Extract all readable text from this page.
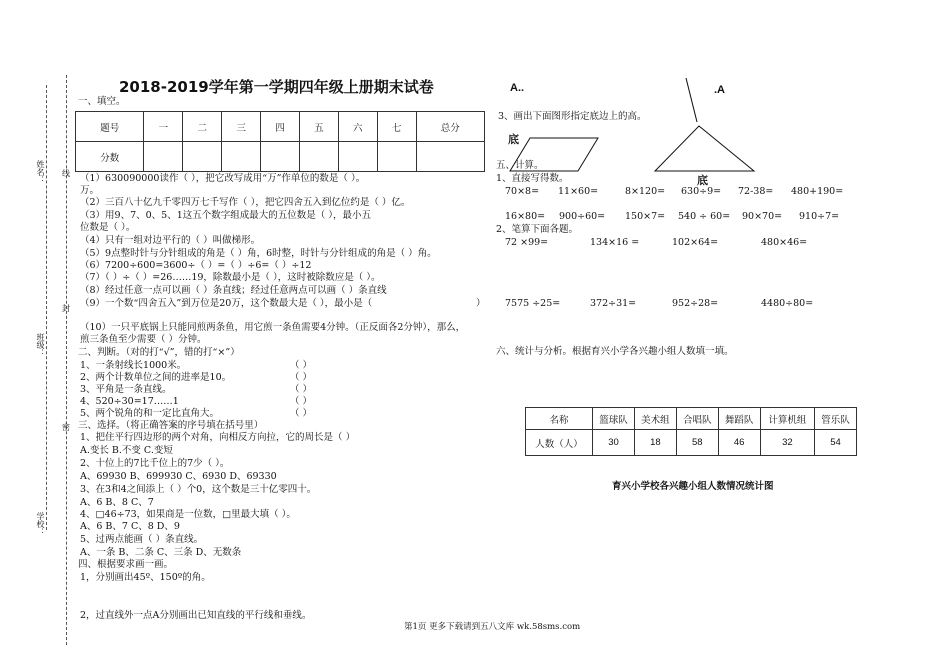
姓名： 线
班级：
封
密
学校：
2018-2019学年第一学期四年级上册期末试卷
一、填空。
题号	一	二	三	四	五	六	七	总分
分数								
（1）630090000读作（ ），把它改写成用“万”作单位的数是（ ）。
万。
（2）三百八十亿九千零四万七千写作（ ），把它四舍五入到亿位约是（ ）亿。
（3）用9、7、0、5、1这五个数字组成最大的五位数是（ ），最小五
位数是（ ）。
（4）只有一组对边平行的（ ）叫做梯形。
（5）9点整时针与分针组成的角是（ ）角，6时整，时针与分针组成的角是（ ）角。
（6）7200÷600=3600÷（ ）=（ ）÷6=（ ）÷12
（7）（ ）÷（ ）=26……19，除数最小是（ ），这时被除数应是（ ）。
（8）经过任意一点可以画（ ）条直线；经过任意两点可以画（ ）条直线
（9）一个数“四舍五入”到万位是20万，这个数最大是（ ），最小是（	）
（10）一只平底锅上只能同煎两条鱼，用它煎一条鱼需要4分钟。（正反面各2分钟），那么，
煎三条鱼至少需要（ ）分钟。
二、判断。（对的打“√”，错的打“×”）
1、一条射线长1000米。	（ ）
2、两个计数单位之间的进率是10。	（ ）
3、平角是一条直线。	（ ）
4、520÷30=17……1	（ ）
5、两个锐角的和一定比直角大。	（ ）
三、选择。（将正确答案的序号填在括号里）
1、把住平行四边形的两个对角，向相反方向拉，它的周长是（ ）
A.变长 B.不变 C.变短
2、十位上的7比千位上的7少（ ）。
A、69930 B、699930 C、6930 D、69330
3、在3和4之间添上（ ）个0，这个数是三十亿零四十。
A、6 B、8 C、7
4、□46÷73，如果商是一位数，□里最大填（ ）。
A、6 B、7 C、8 D、9
5、过两点能画（ ）条直线。
A、一条 B、二条 C、三条 D、无数条
四、根据要求画一画。
1，分别画出45º、150º的角。
2，过直线外一点A分别画出已知直线的平行线和垂线。
A..	.A
3、画出下面图形指定底边上的高。
底
底
五、计算。
1、直接写得数。
70×8= 11×60=	8×120= 630÷9= 72-38= 480+190=
16×80= 900÷60= 150×7= 540 ÷ 60= 90×70= 910÷7=
2、笔算下面各题。
72 ×99=	134×16 =	102×64=	480×46=
7575 ÷25=	372÷31=	952÷28=	4480÷80=
六、统计与分析。根据育兴小学各兴趣小组人数填一填。
名称	篮球队	美术组	合唱队	舞蹈队	计算机组	管乐队
人数（人）	30	18	58	46	32	54
育兴小学校各兴趣小组人数情况统计图
第1页 更多下载请到五八文库 wk.58sms.com
